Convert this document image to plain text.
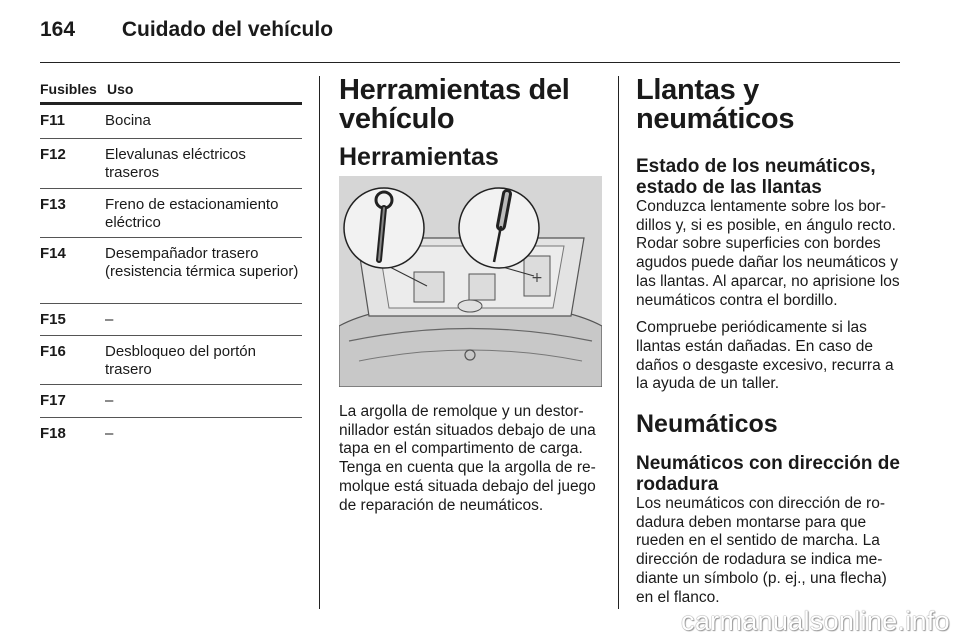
164 Cuidado del vehículo
Fusibles Uso
F11	Bocina
F12	Elevalunas eléctricos traseros
F13	Freno de estacionamiento eléctrico
F14	Desempañador trasero (resistencia térmica superior)
F15	–
F16	Desbloqueo del portón trasero
F17	–
F18	–
Herramientas del vehículo
Herramientas
+

La argolla de remolque y un destor-nillador están situados debajo de una tapa en el compartimento de carga. Tenga en cuenta que la argolla de re-molque está situada debajo del juego de reparación de neumáticos.

Llantas y neumáticos
Estado de los neumáticos, estado de las llantas

Conduzca lentamente sobre los bor-dillos y, si es posible, en ángulo recto. Rodar sobre superficies con bordes agudos puede dañar los neumáticos y las llantas. Al aparcar, no aprisione los neumáticos contra el bordillo.

Compruebe periódicamente si las llantas están dañadas. En caso de daños o desgaste excesivo, recurra a la ayuda de un taller.

Neumáticos
Neumáticos con dirección de rodadura

Los neumáticos con dirección de ro-dadura deben montarse para que rueden en el sentido de marcha. La dirección de rodadura se indica me-diante un símbolo (p. ej., una flecha) en el flanco.

carmanualsonline.info
